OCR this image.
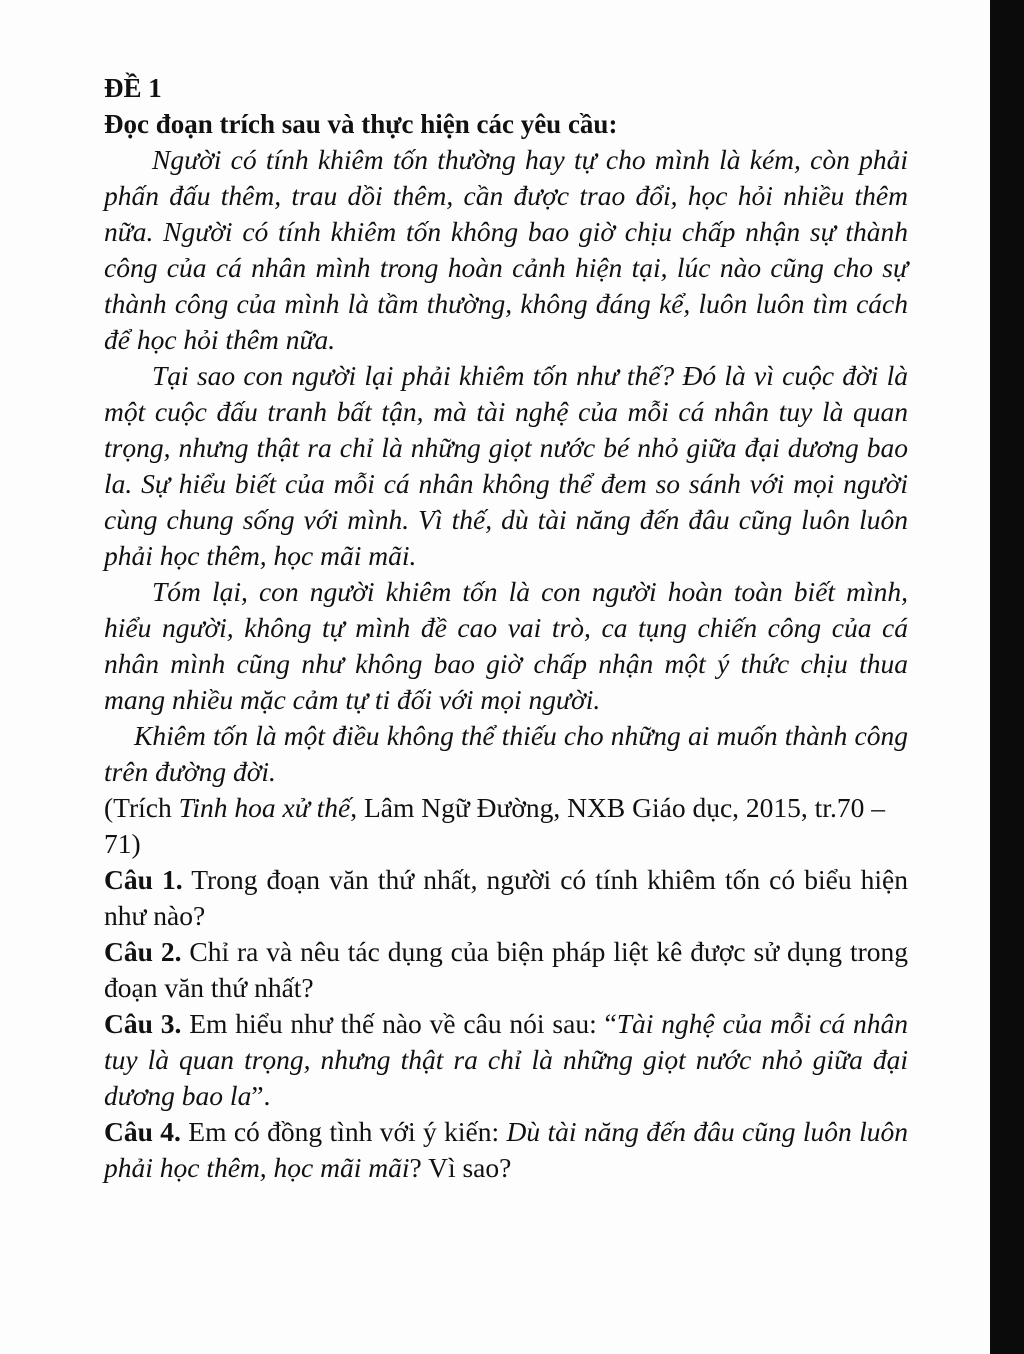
ĐỀ 1

Đọc đoạn trích sau và thực hiện các yêu cầu:

Người có tính khiêm tốn thường hay tự cho mình là kém, còn phải phấn đấu thêm, trau dồi thêm, cần được trao đổi, học hỏi nhiều thêm nữa. Người có tính khiêm tốn không bao giờ chịu chấp nhận sự thành công của cá nhân mình trong hoàn cảnh hiện tại, lúc nào cũng cho sự thành công của mình là tầm thường, không đáng kể, luôn luôn tìm cách để học hỏi thêm nữa.

Tại sao con người lại phải khiêm tốn như thế? Đó là vì cuộc đời là một cuộc đấu tranh bất tận, mà tài nghệ của mỗi cá nhân tuy là quan trọng, nhưng thật ra chỉ là những giọt nước bé nhỏ giữa đại dương bao la. Sự hiểu biết của mỗi cá nhân không thể đem so sánh với mọi người cùng chung sống với mình. Vì thế, dù tài năng đến đâu cũng luôn luôn phải học thêm, học mãi mãi.

Tóm lại, con người khiêm tốn là con người hoàn toàn biết mình, hiểu người, không tự mình đề cao vai trò, ca tụng chiến công của cá nhân mình cũng như không bao giờ chấp nhận một ý thức chịu thua mang nhiều mặc cảm tự ti đối với mọi người.

Khiêm tốn là một điều không thể thiếu cho những ai muốn thành công trên đường đời.

(Trích Tinh hoa xử thế, Lâm Ngữ Đường, NXB Giáo dục, 2015, tr.70 – 71)

Câu 1. Trong đoạn văn thứ nhất, người có tính khiêm tốn có biểu hiện như nào?

Câu 2. Chỉ ra và nêu tác dụng của biện pháp liệt kê được sử dụng trong đoạn văn thứ nhất?

Câu 3. Em hiểu như thế nào về câu nói sau: “Tài nghệ của mỗi cá nhân tuy là quan trọng, nhưng thật ra chỉ là những giọt nước nhỏ giữa đại dương bao la”.

Câu 4. Em có đồng tình với ý kiến: Dù tài năng đến đâu cũng luôn luôn phải học thêm, học mãi mãi? Vì sao?
